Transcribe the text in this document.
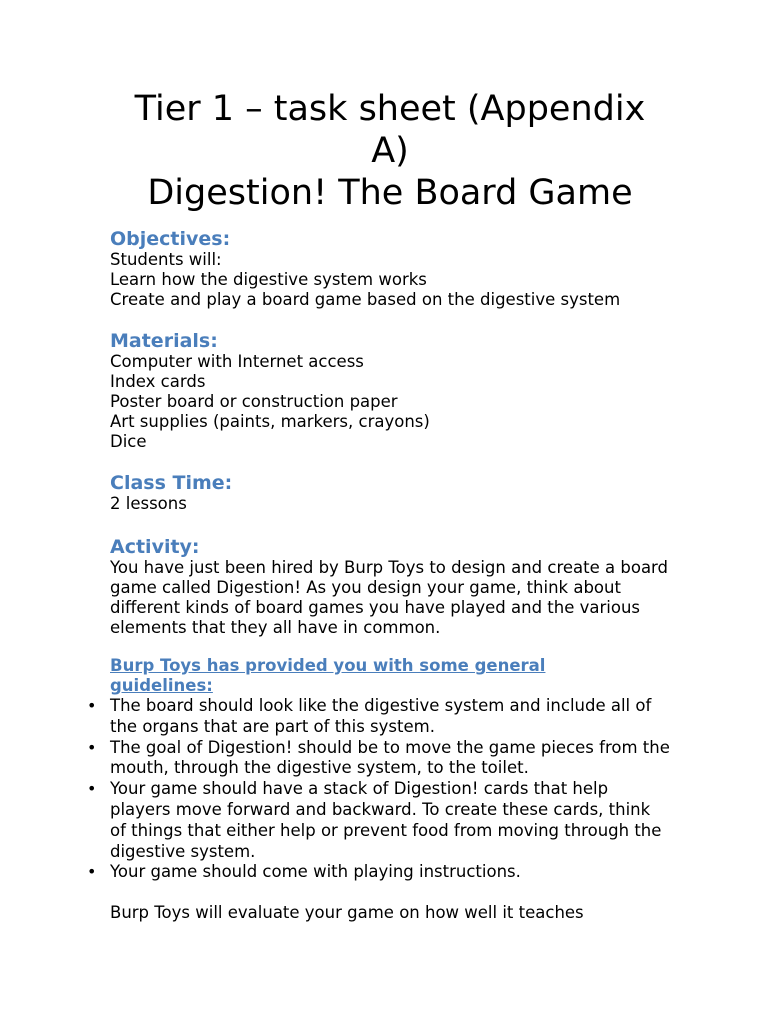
Tier 1 – task sheet (Appendix
A)
Digestion! The Board Game
Objectives:
Students will:
Learn how the digestive system works
Create and play a board game based on the digestive system
Materials:
Computer with Internet access
Index cards
Poster board or construction paper
Art supplies (paints, markers, crayons)
Dice
Class Time:
2 lessons
Activity:
You have just been hired by Burp Toys to design and create a board game called Digestion! As you design your game, think about different kinds of board games you have played and the various elements that they all have in common.
Burp Toys has provided you with some general guidelines:
• The board should look like the digestive system and include all of the organs that are part of this system.
• The goal of Digestion! should be to move the game pieces from the mouth, through the digestive system, to the toilet.
• Your game should have a stack of Digestion! cards that help players move forward and backward. To create these cards, think of things that either help or prevent food from moving through the digestive system.
• Your game should come with playing instructions.
Burp Toys will evaluate your game on how well it teaches
